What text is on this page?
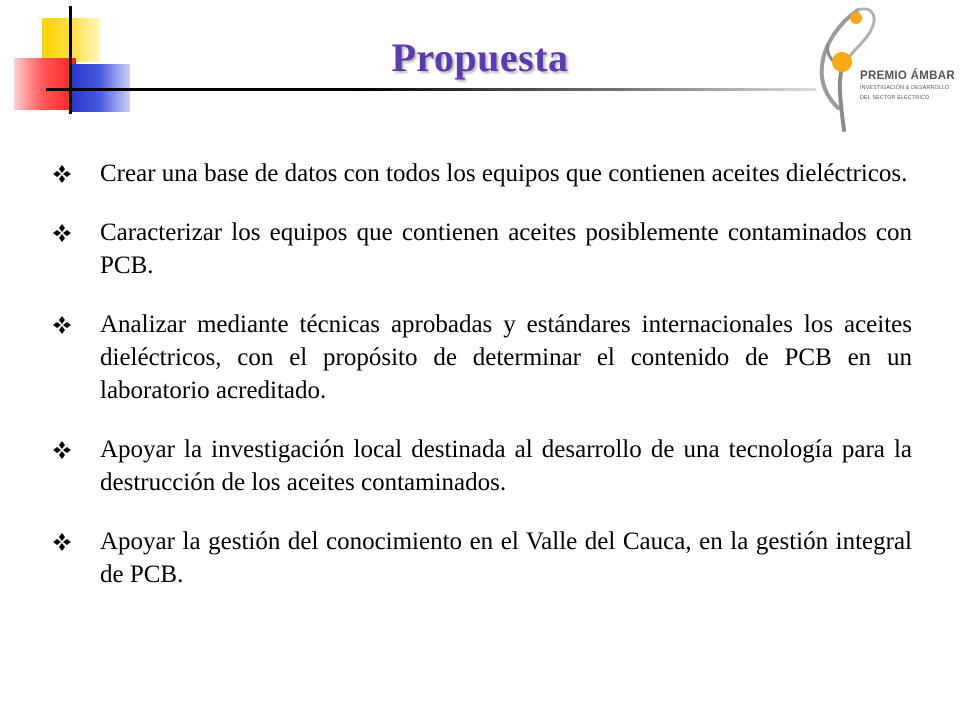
Propuesta	PREMIO ÁMBAR
INVESTIGACIÓN & DESARROLLO
DEL SECTOR ELÉCTRICO
Crear una base de datos con todos los equipos que contienen aceites dieléctricos.
Caracterizar los equipos que contienen aceites posiblemente contaminados con PCB.
Analizar mediante técnicas aprobadas y estándares internacionales los aceites dieléctricos, con el propósito de determinar el contenido de PCB en un laboratorio acreditado.
Apoyar la investigación local destinada al desarrollo de una tecnología para la destrucción de los aceites contaminados.
Apoyar la gestión del conocimiento en el Valle del Cauca, en la gestión integral de PCB.
